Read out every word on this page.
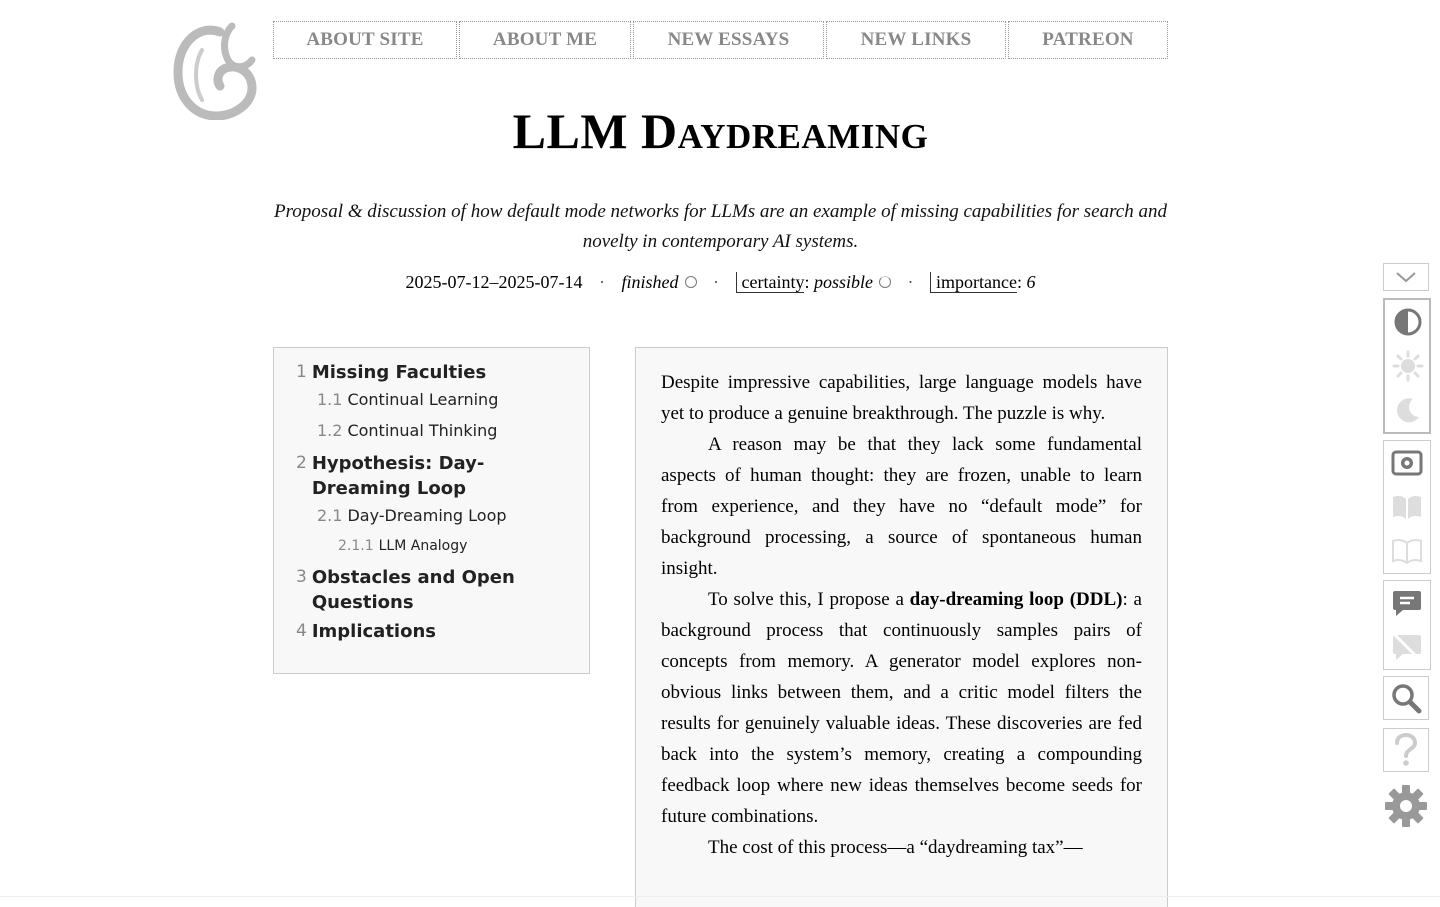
ABOUT SITE	ABOUT ME	NEW ESSAYS	NEW LINKS	PATREON
LLM Daydreaming

Proposal & discussion of how default mode networks for LLMs are an example of missing capabilities for search and novelty in contemporary AI systems.

2025-07-12–2025-07-14 · finished · certainty: possible · importance: 6
1 Missing Faculties
1.1 Continual Learning
1.2 Continual Thinking
2 Hypothesis: Day-Dreaming Loop
2.1 Day-Dreaming Loop
2.1.1 LLM Analogy
3 Obstacles and Open Questions
4 Implications

Despite impressive capabilities, large language models have yet to produce a genuine breakthrough. The puzzle is why.

A reason may be that they lack some fundamental aspects of human thought: they are frozen, unable to learn from experience, and they have no “default mode” for background processing, a source of spontaneous human insight.

To solve this, I propose a day-dreaming loop (DDL): a background process that continuously samples pairs of concepts from memory. A generator model explores non-obvious links between them, and a critic model filters the results for genuinely valuable ideas. These discoveries are fed back into the system’s memory, creating a compounding feedback loop where new ideas themselves become seeds for future combinations.

The cost of this process—a “daydreaming tax”—
